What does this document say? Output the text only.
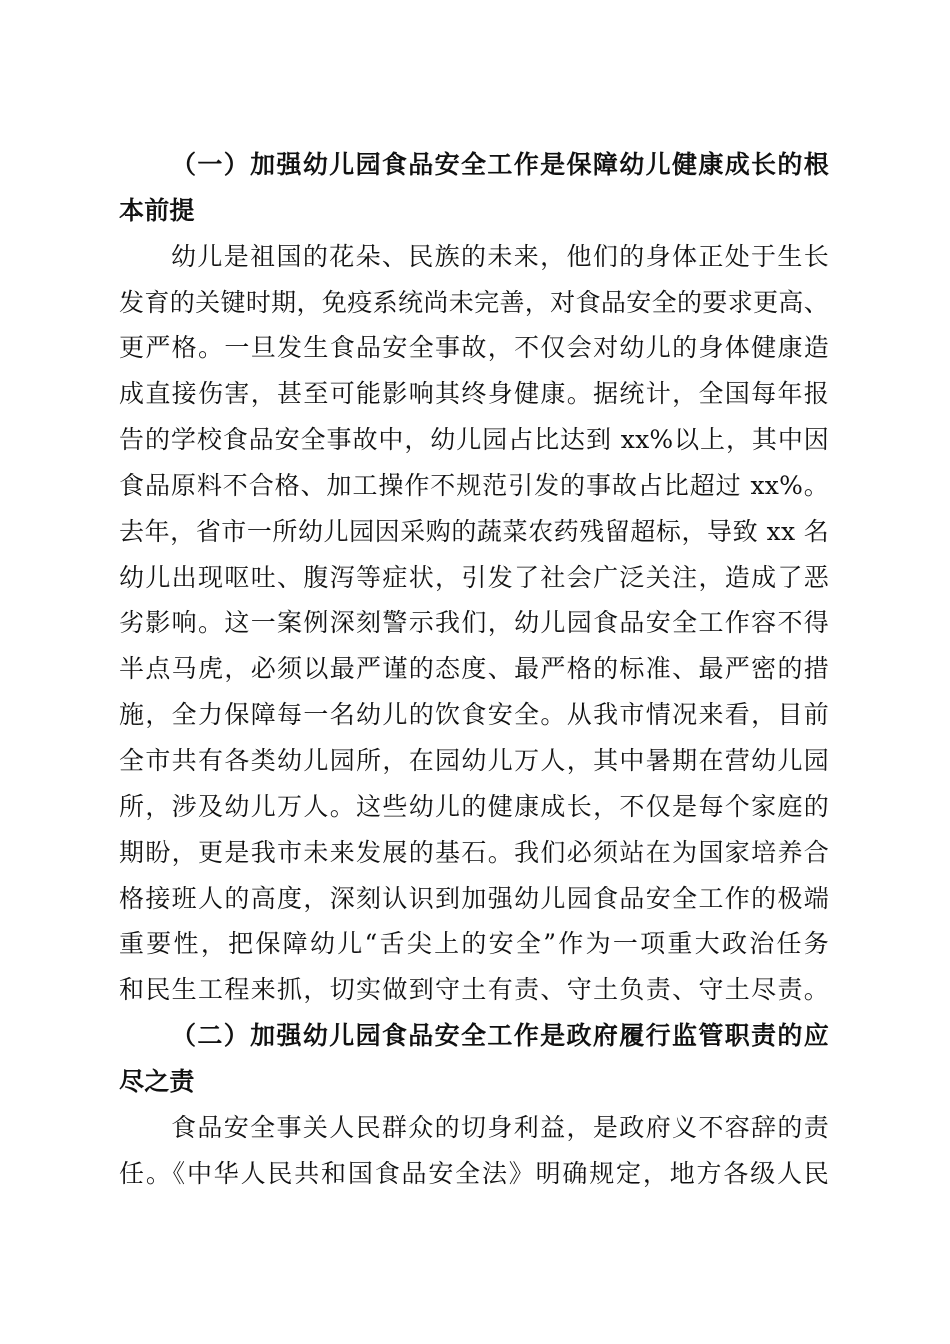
（一）加强幼儿园食品安全工作是保障幼儿健康成长的根
本前提
幼儿是祖国的花朵、民族的未来，他们的身体正处于生长
发育的关键时期，免疫系统尚未完善，对食品安全的要求更高、
更严格。一旦发生食品安全事故，不仅会对幼儿的身体健康造
成直接伤害，甚至可能影响其终身健康。据统计，全国每年报
告的学校食品安全事故中，幼儿园占比达到 xx%以上，其中因
食品原料不合格、加工操作不规范引发的事故占比超过 xx%。
去年，省市一所幼儿园因采购的蔬菜农药残留超标，导致 xx 名
幼儿出现呕吐、腹泻等症状，引发了社会广泛关注，造成了恶
劣影响。这一案例深刻警示我们，幼儿园食品安全工作容不得
半点马虎，必须以最严谨的态度、最严格的标准、最严密的措
施，全力保障每一名幼儿的饮食安全。从我市情况来看，目前
全市共有各类幼儿园所，在园幼儿万人，其中暑期在营幼儿园
所，涉及幼儿万人。这些幼儿的健康成长，不仅是每个家庭的
期盼，更是我市未来发展的基石。我们必须站在为国家培养合
格接班人的高度，深刻认识到加强幼儿园食品安全工作的极端
重要性，把保障幼儿“舌尖上的安全”作为一项重大政治任务
和民生工程来抓，切实做到守土有责、守土负责、守土尽责。
（二）加强幼儿园食品安全工作是政府履行监管职责的应
尽之责
食品安全事关人民群众的切身利益，是政府义不容辞的责
任。《中华人民共和国食品安全法》明确规定，地方各级人民
